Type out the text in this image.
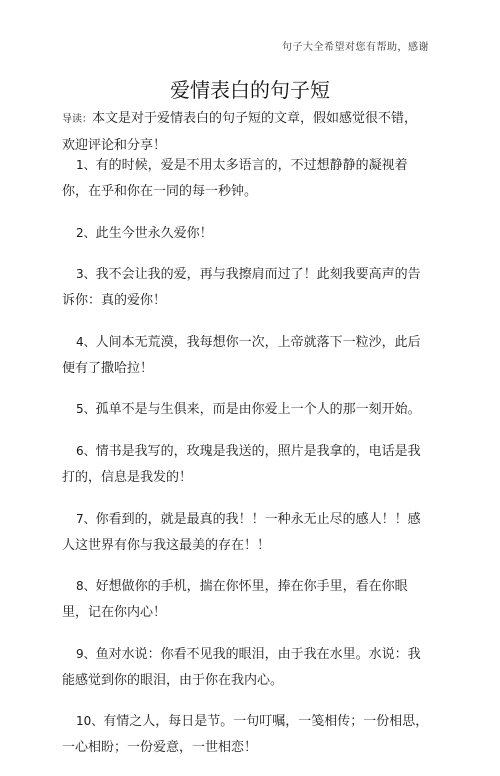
句子大全希望对您有帮助，感谢
爱情表白的句子短
导读：本文是对于爱情表白的句子短的文章，假如感觉很不错，欢迎评论和分享！
1、有的时候，爱是不用太多语言的，不过想静静的凝视着你，在乎和你在一同的每一秒钟。
2、此生今世永久爱你！
3、我不会让我的爱，再与我擦肩而过了！此刻我要高声的告诉你：真的爱你！
4、人间本无荒漠，我每想你一次，上帝就落下一粒沙，此后便有了撒哈拉！
5、孤单不是与生俱来，而是由你爱上一个人的那一刻开始。
6、情书是我写的，玫瑰是我送的，照片是我拿的，电话是我打的，信息是我发的！
7、你看到的，就是最真的我！！一种永无止尽的感人！！感人这世界有你与我这最美的存在！！
8、好想做你的手机，揣在你怀里，捧在你手里，看在你眼里，记在你内心！
9、鱼对水说：你看不见我的眼泪，由于我在水里。水说：我能感觉到你的眼泪，由于你在我内心。
10、有情之人，每日是节。一句叮嘱，一笺相传；一份相思，一心相盼；一份爱意，一世相恋！
